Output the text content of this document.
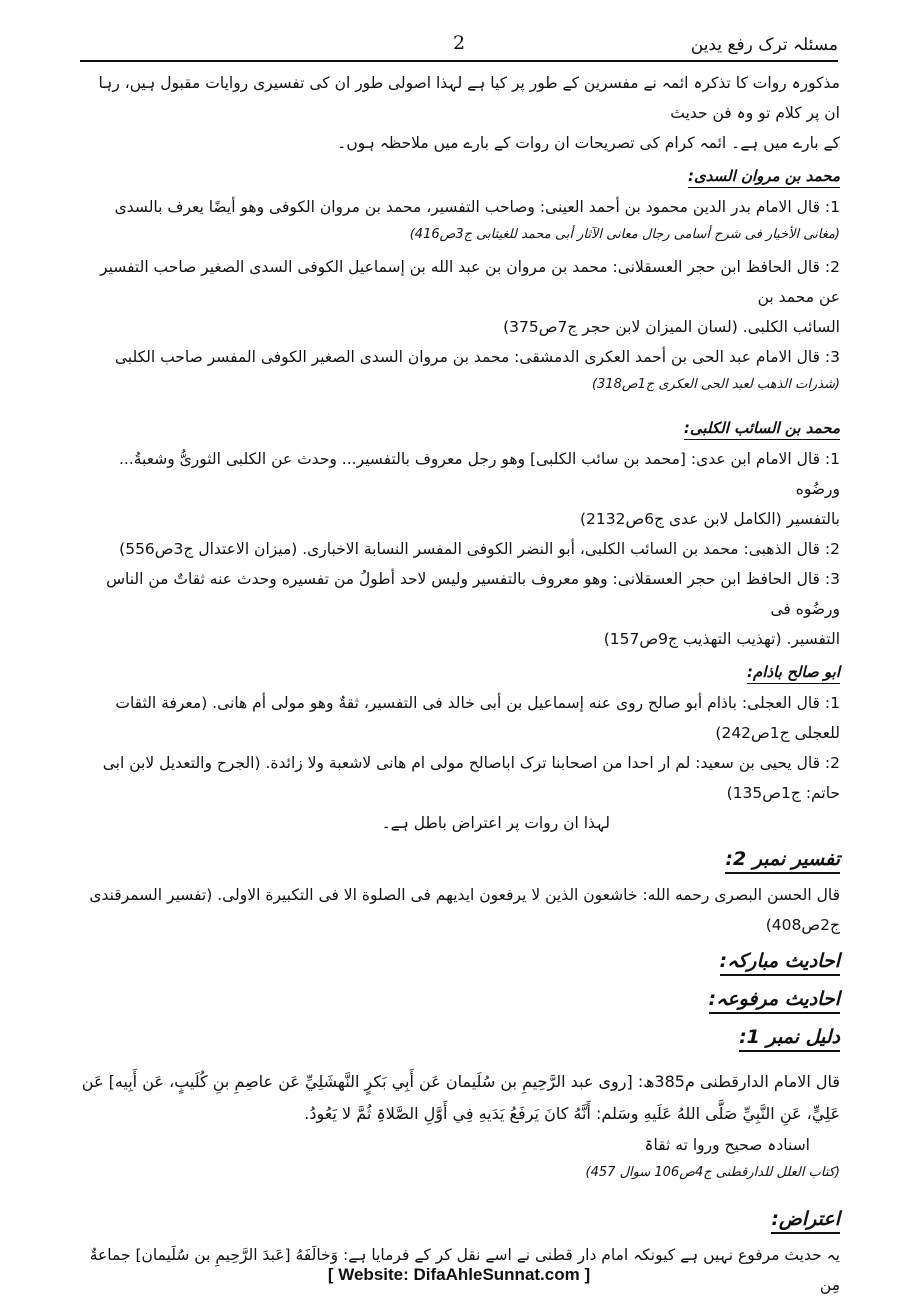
مسئلہ ترک رفع یدین
2

مذکورہ روات کا تذکرہ ائمہ نے مفسرین کے طور پر کیا ہے لہذا اصولی طور ان کی تفسیری روایات مقبول ہیں، رہا ان پر کلام تو وہ فن حدیث

کے بارے میں ہے۔ ائمہ کرام کی تصریحات ان روات کے بارے میں ملاحظہ ہوں۔

محمد بن مروان السدی:

1: قال الامام بدر الدین محمود بن أحمد العینی: وصاحب التفسیر، محمد بن مروان الکوفی وهو أیضًا یعرف بالسدی

(مغانی الأخیار فی شرح أسامی رجال معانی الآثار أبی محمد للغیتابی ج3ص416)

2: قال الحافظ ابن حجر العسقلانی: محمد بن مروان بن عبد الله بن إسماعیل الکوفی السدی الصغیر صاحب التفسیر عن محمد بن

السائب الکلبی. (لسان المیزان لابن حجر ج7ص375)

3: قال الامام عبد الحی بن أحمد العکری الدمشقی: محمد بن مروان السدی الصغیر الکوفی المفسر صاحب الکلبی

(شذرات الذهب لعبد الحی العکری ج1ص318)

محمد بن السائب الکلبی:

1: قال الامام ابن عدی: [محمد بن سائب الکلبی] وهو رجل معروف بالتفسیر... وحدث عن الکلبی الثوریُّ وشعبةُ... ورضُوه

بالتفسیر (الکامل لابن عدی ج6ص2132)

2: قال الذهبی: محمد بن السائب الکلبی، أبو النضر الکوفی المفسر النسابة الاخباری. (میزان الاعتدال ج3ص556)

3: قال الحافظ ابن حجر العسقلانی: وهو معروف بالتفسیر ولیس لاحد أطولُ من تفسیره وحدث عنه ثقاتٌ من الناس ورضُوه فی

التفسیر. (تهذیب التهذیب ج9ص157)

ابو صالح باذام:

1: قال العجلی: باذام أبو صالح روی عنه إسماعیل بن أبی خالد فی التفسیر، ثقةٌ وهو مولی أم هانی. (معرفة الثقات للعجلی ج1ص242)

2: قال یحیی بن سعید: لم ار احدا من اصحابنا ترک اباصالح مولی ام هانی لاشعبة ولا زائدة. (الجرح والتعدیل لابن ابی حاتم: ج1ص135)

لہذا ان روات پر اعتراض باطل ہے۔

تفسیر نمبر 2:

قال الحسن البصری رحمه الله: خاشعون الذین لا یرفعون ایدیهم فی الصلوة الا فی التکبیرة الاولی. (تفسیر السمرقندی ج2ص408)

احادیث مبارکہ:

احادیث مرفوعہ:

دلیل نمبر 1:

قال الامام الدارقطنی م385ھ: [روی عبد الرَّحِیمِ بن سُلَیمان عَن أَبِي بَکرٍ النَّهشَلِيِّ عَن عاصِمِ بنِ کُلَیبٍ، عَن أَبِیه] عَن

عَلِيٍّ، عَنِ النَّبِيِّ صَلَّى اللهُ عَلَیهِ وسَلم: أَنَّهُ کانَ یَرفَعُ یَدَیهِ فِي أَوَّلِ الصَّلاۃِ ثُمَّ لا یَعُودُ.

اسنادہ صحیح وروا ته ثقاۃ

(کتاب العلل للدارقطنی ج4ص106 سوال 457)

اعتراض:

یہ حدیث مرفوع نہیں ہے کیونکہ امام دار قطنی نے اسے نقل کر کے فرمایا ہے: وَخالَفَهُ [عَبدَ الرَّحِیمِ بن سُلَیمان] جماعةٌ مِن

[ Website: DifaAhleSunnat.com ]
